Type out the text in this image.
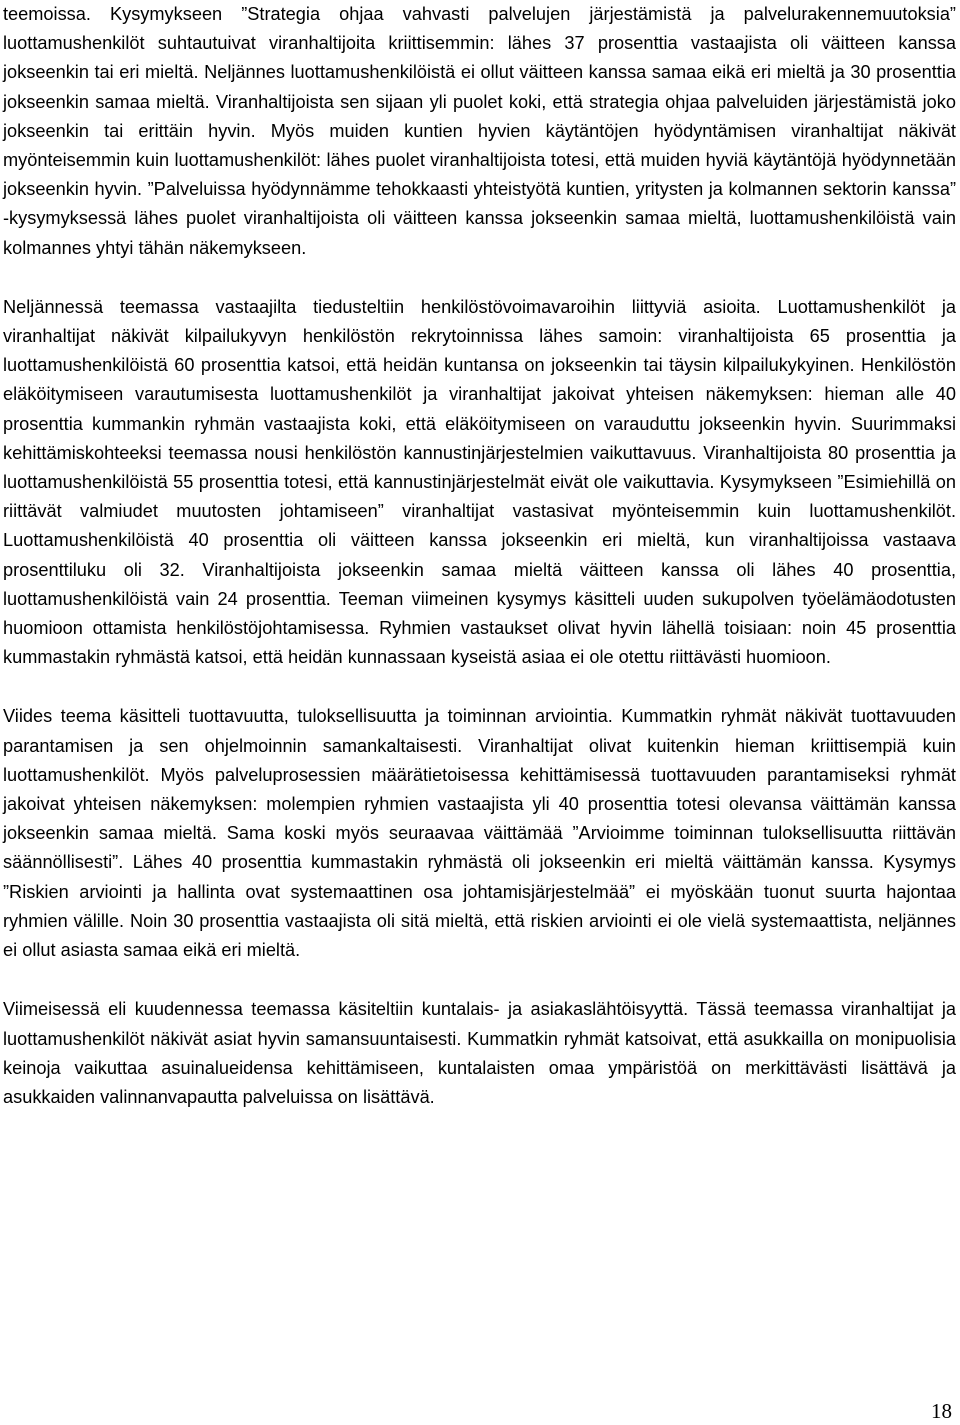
teemoissa. Kysymykseen ”Strategia ohjaa vahvasti palvelujen järjestämistä ja palvelurakennemuutoksia” luottamushenkilöt suhtautuivat viranhaltijoita kriittisemmin: lähes 37 prosenttia vastaajista oli väitteen kanssa jokseenkin tai eri mieltä. Neljännes luottamushenkilöistä ei ollut väitteen kanssa samaa eikä eri mieltä ja 30 prosenttia jokseenkin samaa mieltä. Viranhaltijoista sen sijaan yli puolet koki, että strategia ohjaa palveluiden järjestämistä joko jokseenkin tai erittäin hyvin. Myös muiden kuntien hyvien käytäntöjen hyödyntämisen viranhaltijat näkivät myönteisemmin kuin luottamushenkilöt: lähes puolet viranhaltijoista totesi, että muiden hyviä käytäntöjä hyödynnetään jokseenkin hyvin. ”Palveluissa hyödynnämme tehokkaasti yhteistyötä kuntien, yritysten ja kolmannen sektorin kanssa” -kysymyksessä lähes puolet viranhaltijoista oli väitteen kanssa jokseenkin samaa mieltä, luottamushenkilöistä vain kolmannes yhtyi tähän näkemykseen.

Neljännessä teemassa vastaajilta tiedusteltiin henkilöstövoimavaroihin liittyviä asioita. Luottamushenkilöt ja viranhaltijat näkivät kilpailukyvyn henkilöstön rekrytoinnissa lähes samoin: viranhaltijoista 65 prosenttia ja luottamushenkilöistä 60 prosenttia katsoi, että heidän kuntansa on jokseenkin tai täysin kilpailukykyinen. Henkilöstön eläköitymiseen varautumisesta luottamushenkilöt ja viranhaltijat jakoivat yhteisen näkemyksen: hieman alle 40 prosenttia kummankin ryhmän vastaajista koki, että eläköitymiseen on varauduttu jokseenkin hyvin. Suurimmaksi kehittämiskohteeksi teemassa nousi henkilöstön kannustinjärjestelmien vaikuttavuus. Viranhaltijoista 80 prosenttia ja luottamushenkilöistä 55 prosenttia totesi, että kannustinjärjestelmät eivät ole vaikuttavia. Kysymykseen ”Esimiehillä on riittävät valmiudet muutosten johtamiseen” viranhaltijat vastasivat myönteisemmin kuin luottamushenkilöt. Luottamushenkilöistä 40 prosenttia oli väitteen kanssa jokseenkin eri mieltä, kun viranhaltijoissa vastaava prosenttiluku oli 32. Viranhaltijoista jokseenkin samaa mieltä väitteen kanssa oli lähes 40 prosenttia, luottamushenkilöistä vain 24 prosenttia. Teeman viimeinen kysymys käsitteli uuden sukupolven työelämäodotusten huomioon ottamista henkilöstöjohtamisessa. Ryhmien vastaukset olivat hyvin lähellä toisiaan: noin 45 prosenttia kummastakin ryhmästä katsoi, että heidän kunnassaan kyseistä asiaa ei ole otettu riittävästi huomioon.

Viides teema käsitteli tuottavuutta, tuloksellisuutta ja toiminnan arviointia. Kummatkin ryhmät näkivät tuottavuuden parantamisen ja sen ohjelmoinnin samankaltaisesti. Viranhaltijat olivat kuitenkin hieman kriittisempiä kuin luottamushenkilöt. Myös palveluprosessien määrätietoisessa kehittämisessä tuottavuuden parantamiseksi ryhmät jakoivat yhteisen näkemyksen: molempien ryhmien vastaajista yli 40 prosenttia totesi olevansa väittämän kanssa jokseenkin samaa mieltä. Sama koski myös seuraavaa väittämää ”Arvioimme toiminnan tuloksellisuutta riittävän säännöllisesti”. Lähes 40 prosenttia kummastakin ryhmästä oli jokseenkin eri mieltä väittämän kanssa. Kysymys ”Riskien arviointi ja hallinta ovat systemaattinen osa johtamisjärjestelmää” ei myöskään tuonut suurta hajontaa ryhmien välille. Noin 30 prosenttia vastaajista oli sitä mieltä, että riskien arviointi ei ole vielä systemaattista, neljännes ei ollut asiasta samaa eikä eri mieltä.

Viimeisessä eli kuudennessa teemassa käsiteltiin kuntalais- ja asiakaslähtöisyyttä. Tässä teemassa viranhaltijat ja luottamushenkilöt näkivät asiat hyvin samansuuntaisesti. Kummatkin ryhmät katsoivat, että asukkailla on monipuolisia keinoja vaikuttaa asuinalueidensa kehittämiseen, kuntalaisten omaa ympäristöä on merkittävästi lisättävä ja asukkaiden valinnanvapautta palveluissa on lisättävä.

18
